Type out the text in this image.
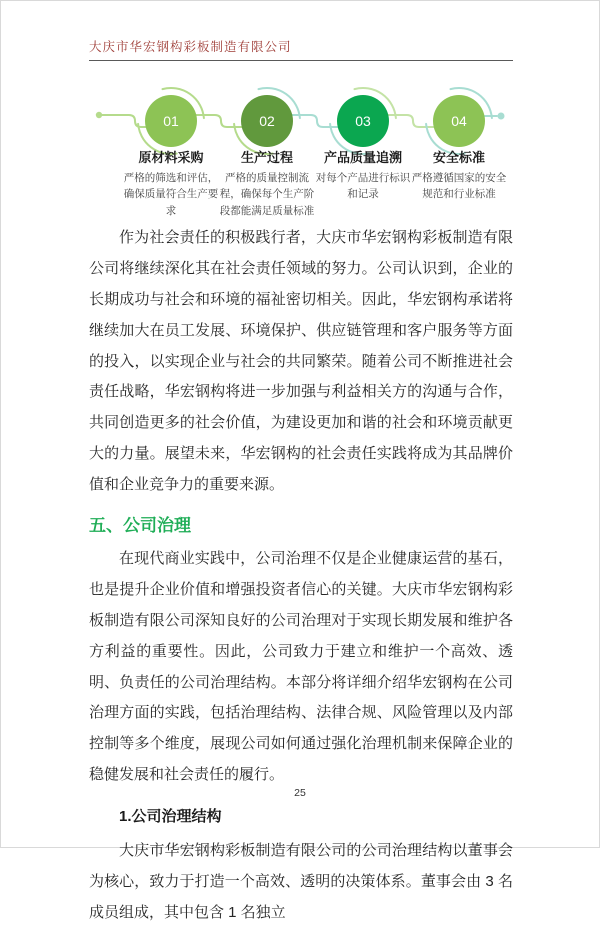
大庆市华宏钢构彩板制造有限公司
01	02	03	04
原材料采购
严格的筛选和评估，确保质量符合生产要求
生产过程
严格的质量控制流程，确保每个生产阶段都能满足质量标准
产品质量追溯
对每个产品进行标识和记录
安全标准
严格遵循国家的安全规范和行业标准

作为社会责任的积极践行者，大庆市华宏钢构彩板制造有限公司将继续深化其在社会责任领域的努力。公司认识到，企业的长期成功与社会和环境的福祉密切相关。因此，华宏钢构承诺将继续加大在员工发展、环境保护、供应链管理和客户服务等方面的投入，以实现企业与社会的共同繁荣。随着公司不断推进社会责任战略，华宏钢构将进一步加强与利益相关方的沟通与合作，共同创造更多的社会价值，为建设更加和谐的社会和环境贡献更大的力量。展望未来，华宏钢构的社会责任实践将成为其品牌价值和企业竞争力的重要来源。

五、公司治理

在现代商业实践中，公司治理不仅是企业健康运营的基石，也是提升企业价值和增强投资者信心的关键。大庆市华宏钢构彩板制造有限公司深知良好的公司治理对于实现长期发展和维护各方利益的重要性。因此，公司致力于建立和维护一个高效、透明、负责任的公司治理结构。本部分将详细介绍华宏钢构在公司治理方面的实践，包括治理结构、法律合规、风险管理以及内部控制等多个维度，展现公司如何通过强化治理机制来保障企业的稳健发展和社会责任的履行。

1.公司治理结构

大庆市华宏钢构彩板制造有限公司的公司治理结构以董事会为核心，致力于打造一个高效、透明的决策体系。董事会由 3 名成员组成，其中包含 1 名独立

25
